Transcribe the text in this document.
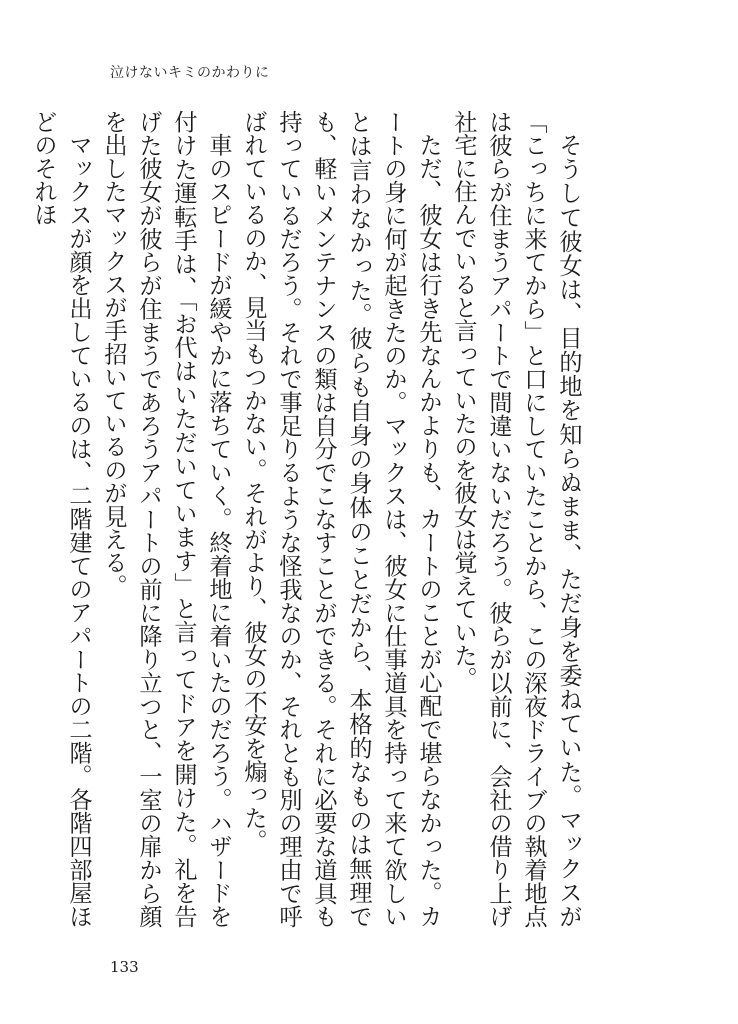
泣けないキミのかわりに

そうして彼女は、目的地を知らぬまま、ただ身を委ねていた。マックスが「こっちに来てから」と口にしていたことから、この深夜ドライブの執着地点は彼らが住まうアパートで間違いないだろう。彼らが以前に、会社の借り上げ社宅に住んでいると言っていたのを彼女は覚えていた。

ただ、彼女は行き先なんかよりも、カートのことが心配で堪らなかった。カートの身に何が起きたのか。マックスは、彼女に仕事道具を持って来て欲しいとは言わなかった。彼らも自身の身体のことだから、本格的なものは無理でも、軽いメンテナンスの類は自分でこなすことができる。それに必要な道具も持っているだろう。それで事足りるような怪我なのか、それとも別の理由で呼ばれているのか、見当もつかない。それがより、彼女の不安を煽った。

車のスピードが緩やかに落ちていく。終着地に着いたのだろう。ハザードを付けた運転手は、「お代はいただいています」と言ってドアを開けた。礼を告げた彼女が彼らが住まうであろうアパートの前に降り立つと、一室の扉から顔を出したマックスが手招いているのが見える。

マックスが顔を出しているのは、二階建てのアパートの二階。各階四部屋ほどのそれほ

133
